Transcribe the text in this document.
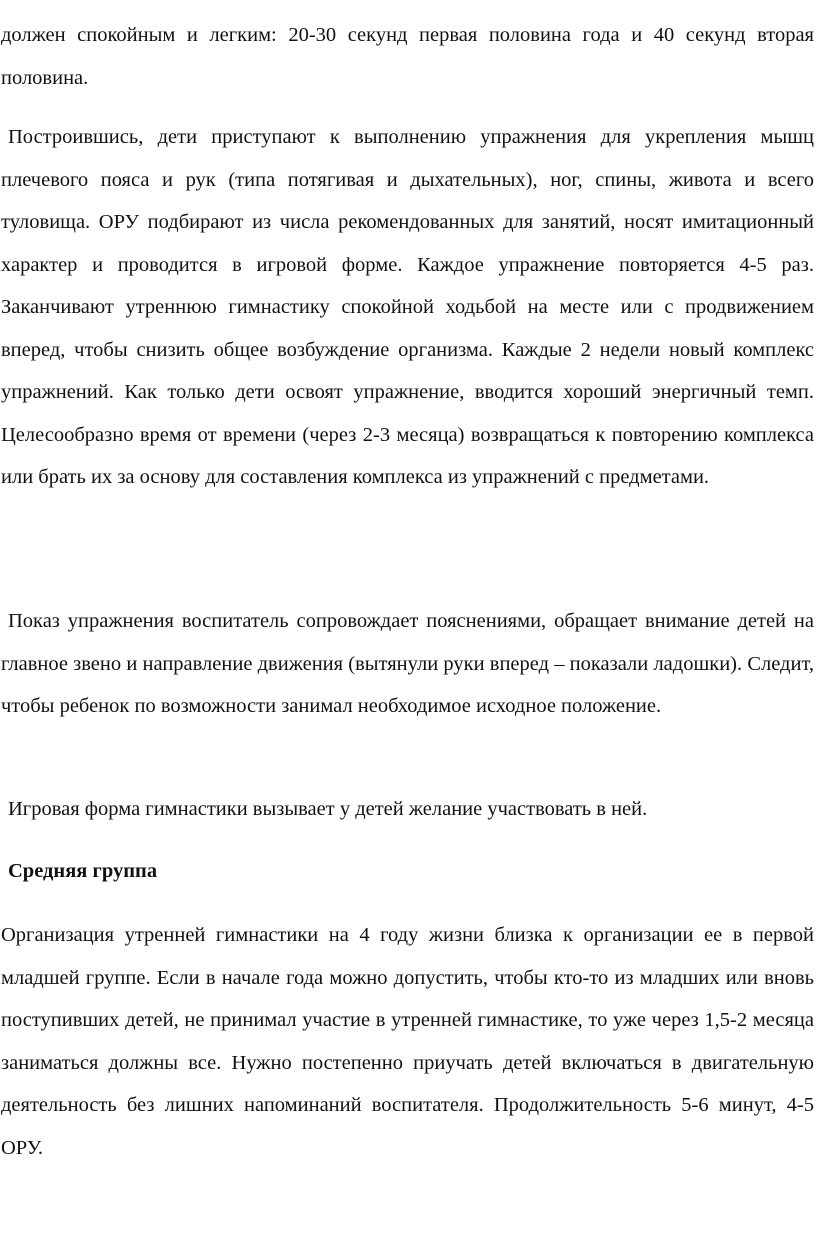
должен спокойным и легким: 20-30 секунд первая половина года и 40 секунд вторая половина.

Построившись, дети приступают к выполнению упражнения для укрепления мышц плечевого пояса и рук (типа потягивая и дыхательных), ног, спины, живота и всего туловища. ОРУ подбирают из числа рекомендованных для занятий, носят имитационный характер и проводится в игровой форме. Каждое упражнение повторяется 4-5 раз. Заканчивают утреннюю гимнастику спокойной ходьбой на месте или с продвижением вперед, чтобы снизить общее возбуждение организма. Каждые 2 недели новый комплекс упражнений. Как только дети освоят упражнение, вводится хороший энергичный темп. Целесообразно время от времени (через 2-3 месяца) возвращаться к повторению комплекса или брать их за основу для составления комплекса из упражнений с предметами.

Показ упражнения воспитатель сопровождает пояснениями, обращает внимание детей на главное звено и направление движения (вытянули руки вперед – показали ладошки). Следит, чтобы ребенок по возможности занимал необходимое исходное положение.

Игровая форма гимнастики вызывает у детей желание участвовать в ней.

Средняя группа

Организация утренней гимнастики на 4 году жизни близка к организации ее в первой младшей группе. Если в начале года можно допустить, чтобы кто-то из младших или вновь поступивших детей, не принимал участие в утренней гимнастике, то уже через 1,5-2 месяца заниматься должны все. Нужно постепенно приучать детей включаться в двигательную деятельность без лишних напоминаний воспитателя. Продолжительность 5-6 минут, 4-5 ОРУ.
